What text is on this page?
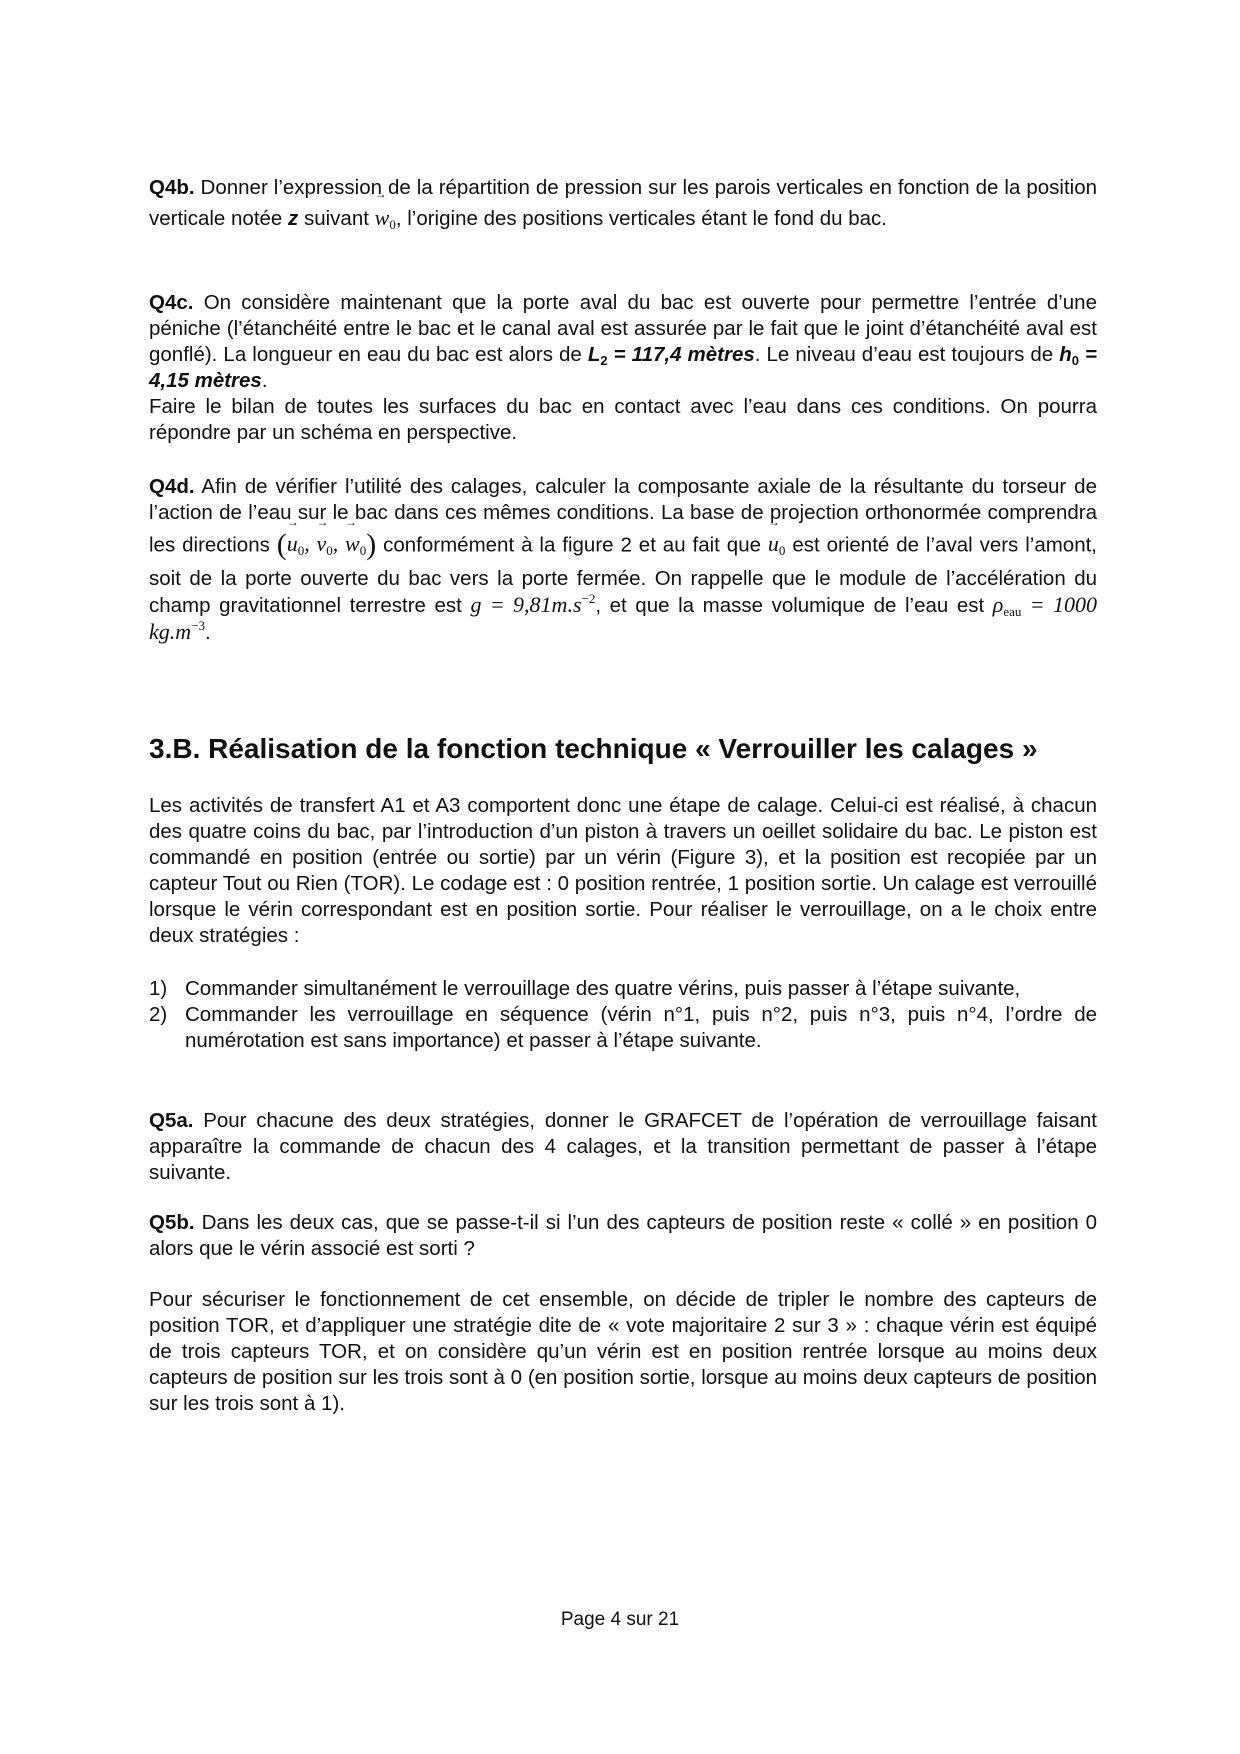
Q4b. Donner l’expression de la répartition de pression sur les parois verticales en fonction de la position verticale notée z suivant → $w_0$, l’origine des positions verticales étant le fond du bac.

Q4c. On considère maintenant que la porte aval du bac est ouverte pour permettre l’entrée d’une péniche (l’étanchéité entre le bac et le canal aval est assurée par le fait que le joint d’étanchéité aval est gonflé). La longueur en eau du bac est alors de $L_2 = 117,4$ mètres. Le niveau d’eau est toujours de $h_0 = 4,15$ mètres.
Faire le bilan de toutes les surfaces du bac en contact avec l’eau dans ces conditions. On pourra répondre par un schéma en perspective.

Q4d. Afin de vérifier l’utilité des calages, calculer la composante axiale de la résultante du torseur de l’action de l’eau sur le bac dans ces mêmes conditions. La base de projection orthonormée comprendra les directions (→ $u_0$, → $v_0$, → $w_0$) conformément à la figure 2 et au fait que → $u_0$ est orienté de l’aval vers l’amont, soit de la porte ouverte du bac vers la porte fermée. On rappelle que le module de l’accélération du champ gravitationnel terrestre est $g = 9,81m.s^{-2}$, et que la masse volumique de l’eau est $\rho_{eau} = 1000$ $kg.m^{-3}$.

3.B. Réalisation de la fonction technique « Verrouiller les calages »

Les activités de transfert A1 et A3 comportent donc une étape de calage. Celui-ci est réalisé, à chacun des quatre coins du bac, par l’introduction d’un piston à travers un oeillet solidaire du bac. Le piston est commandé en position (entrée ou sortie) par un vérin (Figure 3), et la position est recopiée par un capteur Tout ou Rien (TOR). Le codage est : 0 position rentrée, 1 position sortie. Un calage est verrouillé lorsque le vérin correspondant est en position sortie. Pour réaliser le verrouillage, on a le choix entre deux stratégies :

1) Commander simultanément le verrouillage des quatre vérins, puis passer à l’étape suivante,
2) Commander les verrouillage en séquence (vérin n°1, puis n°2, puis n°3, puis n°4, l’ordre de numérotation est sans importance) et passer à l’étape suivante.

Q5a. Pour chacune des deux stratégies, donner le GRAFCET de l’opération de verrouillage faisant apparaître la commande de chacun des 4 calages, et la transition permettant de passer à l’étape suivante.

Q5b. Dans les deux cas, que se passe-t-il si l’un des capteurs de position reste « collé » en position 0 alors que le vérin associé est sorti ?

Pour sécuriser le fonctionnement de cet ensemble, on décide de tripler le nombre des capteurs de position TOR, et d’appliquer une stratégie dite de « vote majoritaire 2 sur 3 » : chaque vérin est équipé de trois capteurs TOR, et on considère qu’un vérin est en position rentrée lorsque au moins deux capteurs de position sur les trois sont à 0 (en position sortie, lorsque au moins deux capteurs de position sur les trois sont à 1).

Page 4 sur 21
